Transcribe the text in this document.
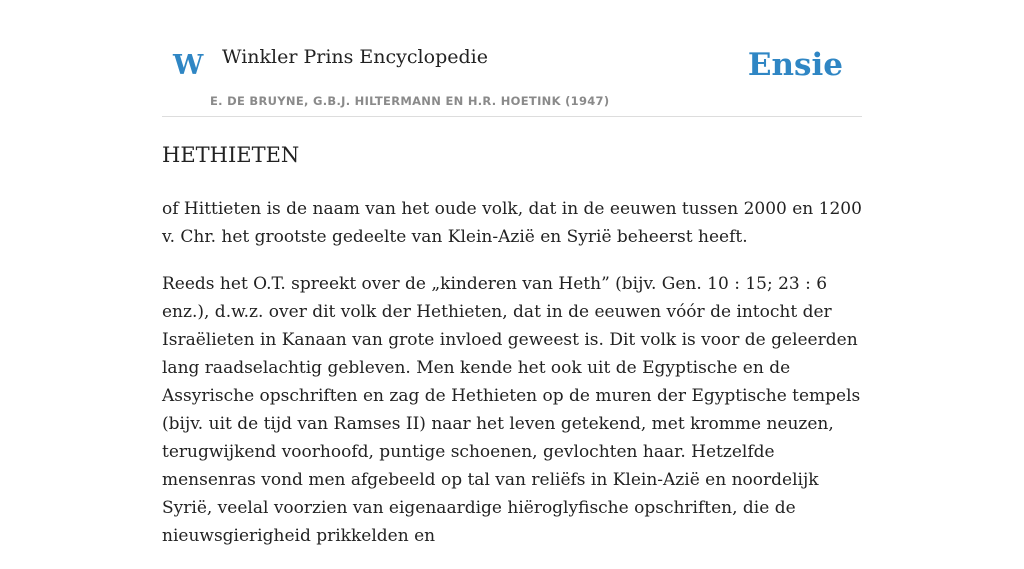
W Winkler Prins Encyclopedie
E. DE BRUYNE, G.B.J. HILTERMANN EN H.R. HOETINK (1947)
Ensie
HETHIETEN

of Hittieten is de naam van het oude volk, dat in de eeuwen tussen 2000 en 1200 v. Chr. het grootste gedeelte van Klein-Azië en Syrië beheerst heeft.

Reeds het O.T. spreekt over de „kinderen van Heth” (bijv. Gen. 10 : 15; 23 : 6 enz.), d.w.z. over dit volk der Hethieten, dat in de eeuwen vóór de intocht der Israëlieten in Kanaan van grote invloed geweest is. Dit volk is voor de geleerden lang raadselachtig gebleven. Men kende het ook uit de Egyptische en de Assyrische opschriften en zag de Hethieten op de muren der Egyptische tempels (bijv. uit de tijd van Ramses II) naar het leven getekend, met kromme neuzen, terugwijkend voorhoofd, puntige schoenen, gevlochten haar. Hetzelfde mensenras vond men afgebeeld op tal van reliëfs in Klein-Azië en noordelijk Syrië, veelal voorzien van eigenaardige hiëroglyfische opschriften, die de nieuwsgierigheid prikkelden en
